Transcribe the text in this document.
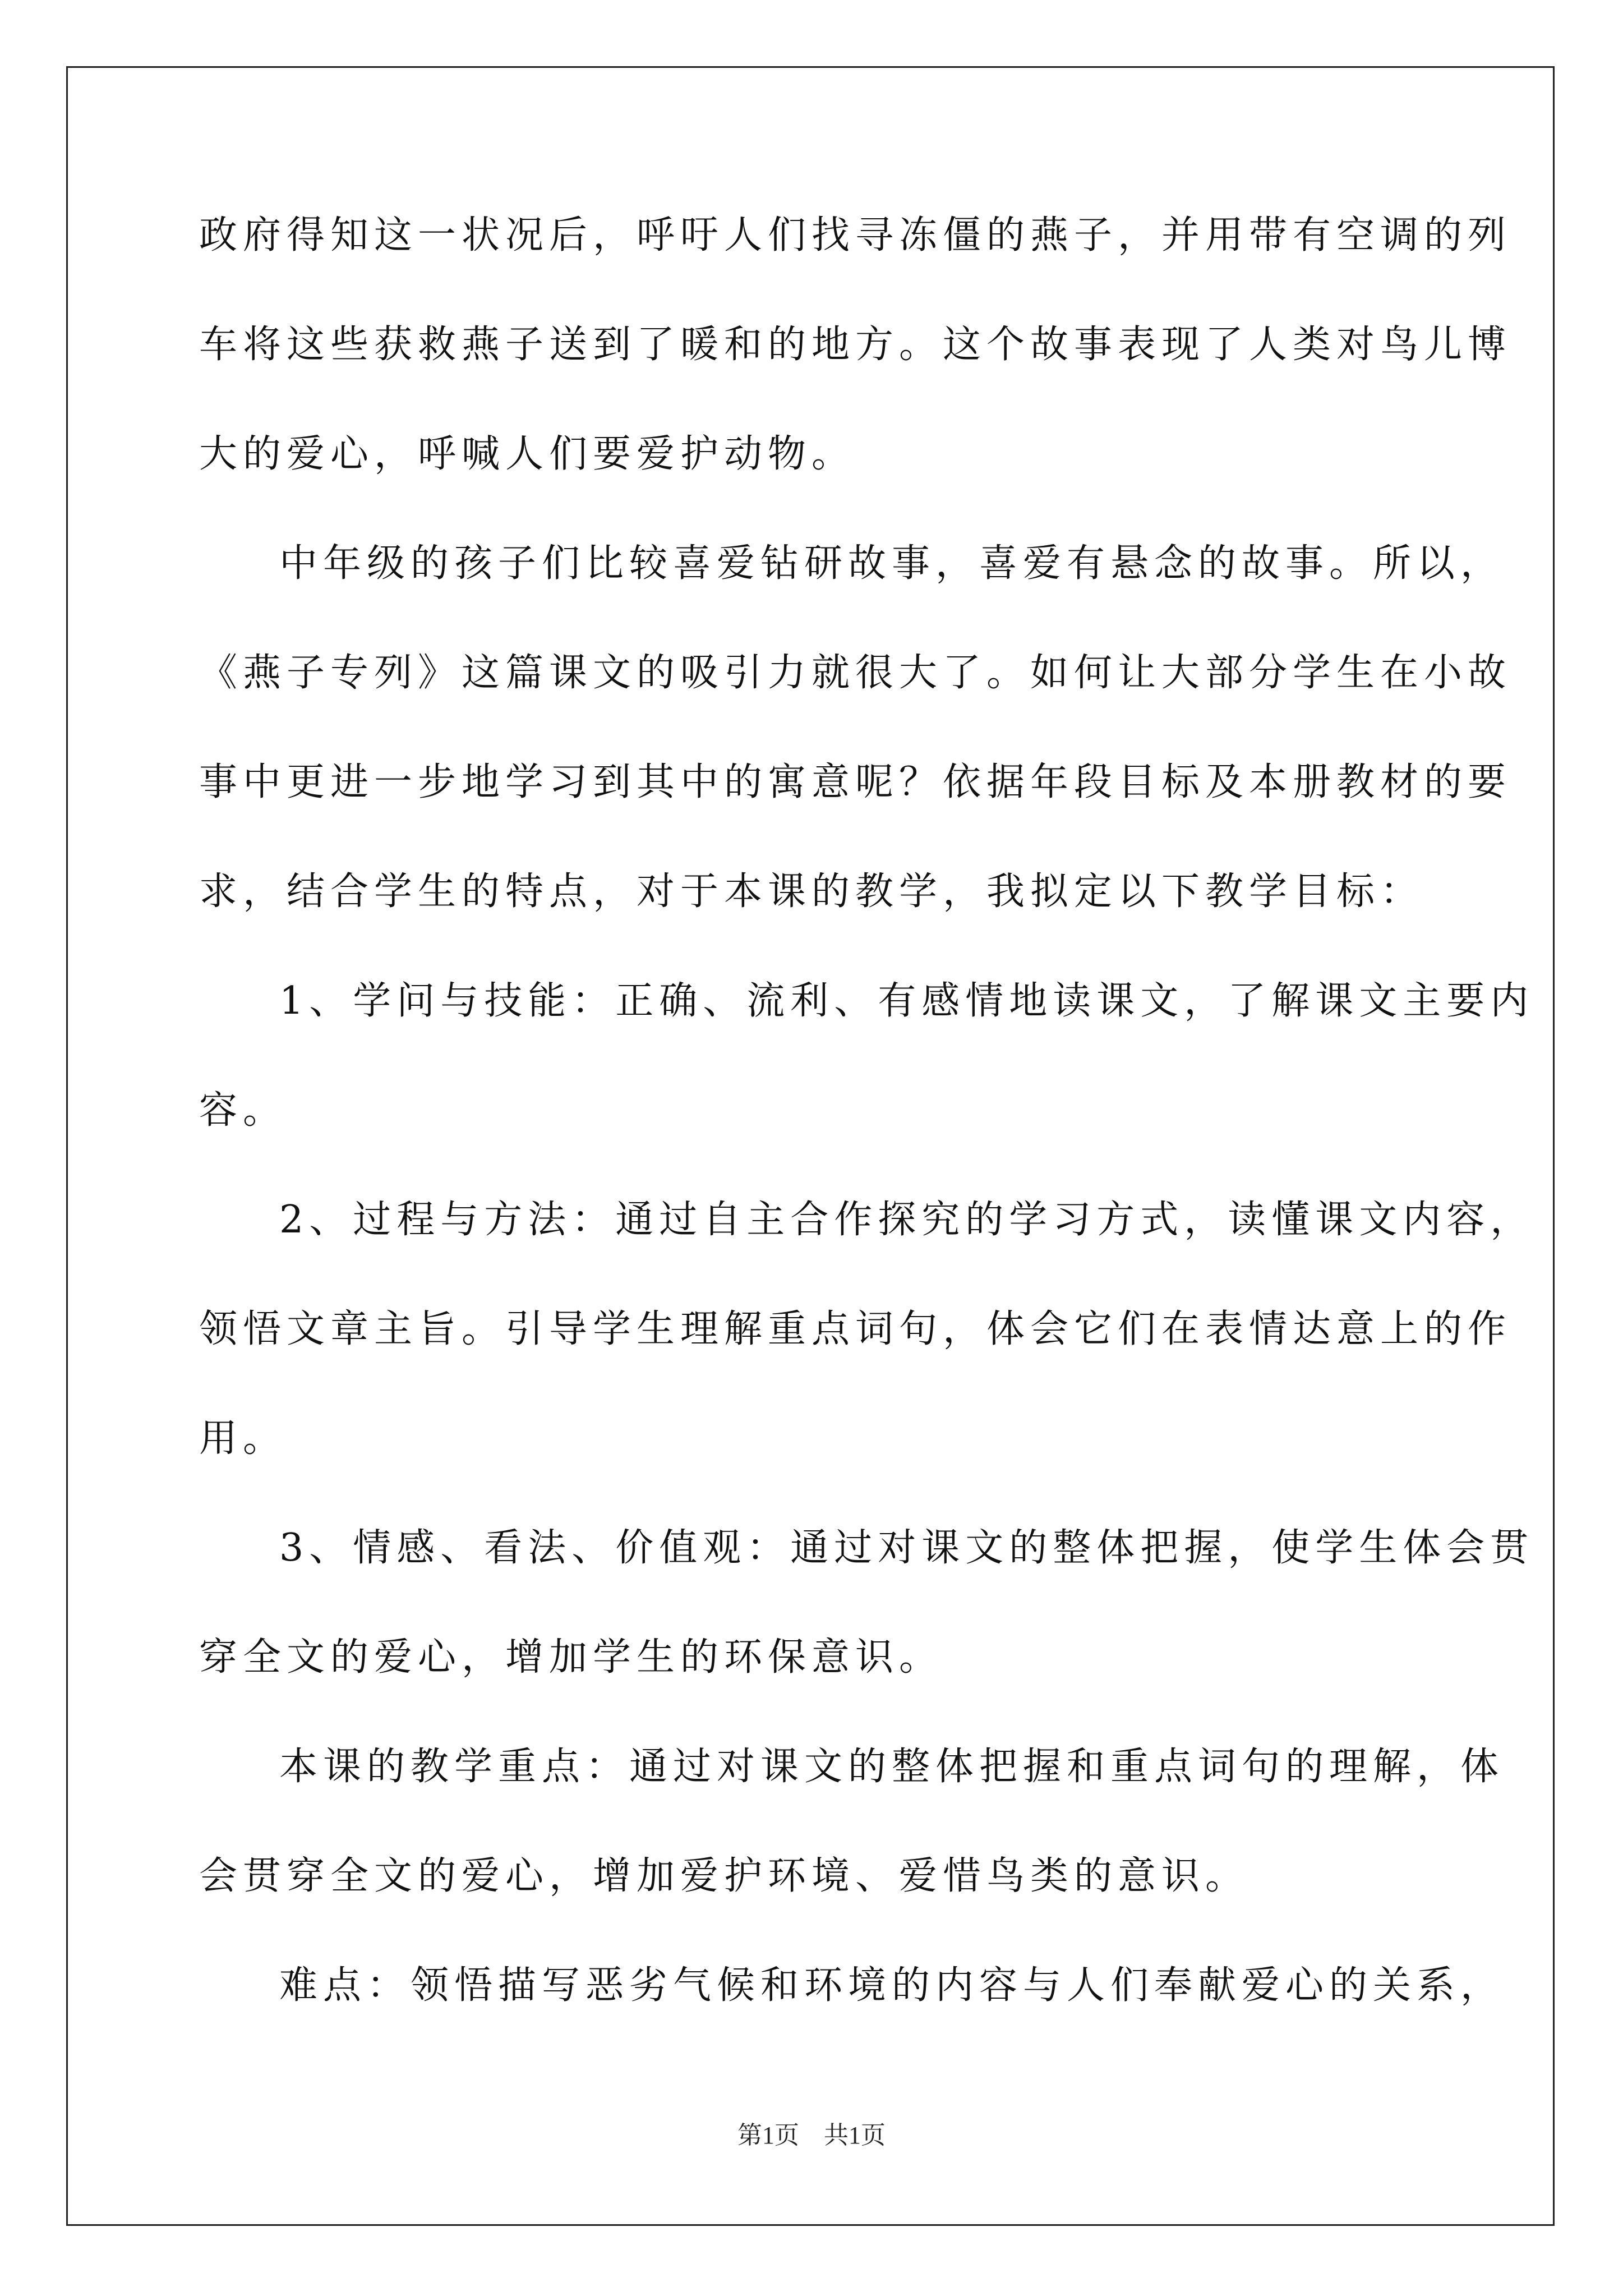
政府得知这一状况后，呼吁人们找寻冻僵的燕子，并用带有空调的列
车将这些获救燕子送到了暖和的地方。这个故事表现了人类对鸟儿博
大的爱心，呼喊人们要爱护动物。
中年级的孩子们比较喜爱钻研故事，喜爱有悬念的故事。所以，
《燕子专列》这篇课文的吸引力就很大了。如何让大部分学生在小故
事中更进一步地学习到其中的寓意呢？依据年段目标及本册教材的要
求，结合学生的特点，对于本课的教学，我拟定以下教学目标：
1、学问与技能：正确、流利、有感情地读课文，了解课文主要内
容。
2、过程与方法：通过自主合作探究的学习方式，读懂课文内容，
领悟文章主旨。引导学生理解重点词句，体会它们在表情达意上的作
用。
3、情感、看法、价值观：通过对课文的整体把握，使学生体会贯
穿全文的爱心，增加学生的环保意识。
本课的教学重点：通过对课文的整体把握和重点词句的理解，体
会贯穿全文的爱心，增加爱护环境、爱惜鸟类的意识。
难点：领悟描写恶劣气候和环境的内容与人们奉献爱心的关系，
第1页　共1页
